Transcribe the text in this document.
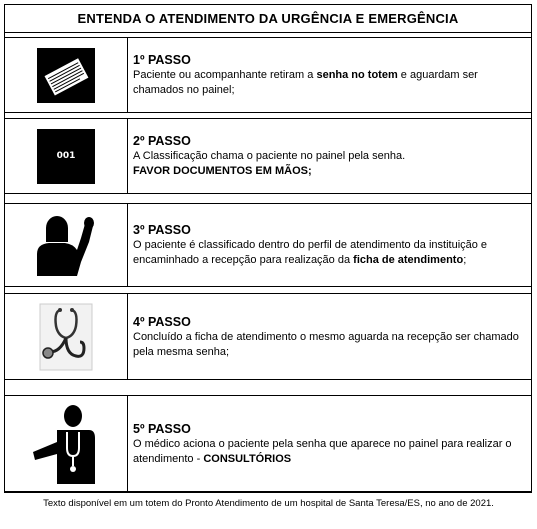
ENTENDA O ATENDIMENTO DA URGÊNCIA E EMERGÊNCIA
1º PASSO
Paciente ou acompanhante retiram a senha no totem e aguardam ser chamados no painel;
001
2º PASSO
A Classificação chama o paciente no painel pela senha.
FAVOR DOCUMENTOS EM MÃOS;
3º PASSO
O paciente é classificado dentro do perfil de atendimento da instituição e encaminhado a recepção para realização da ficha de atendimento;
4º PASSO
Concluído a ficha de atendimento o mesmo aguarda na recepção ser chamado pela mesma senha;
5º PASSO
O médico aciona o paciente pela senha que aparece no painel para realizar o atendimento - CONSULTÓRIOS
Texto disponível em um totem do Pronto Atendimento de um hospital de Santa Teresa/ES, no ano de 2021.
